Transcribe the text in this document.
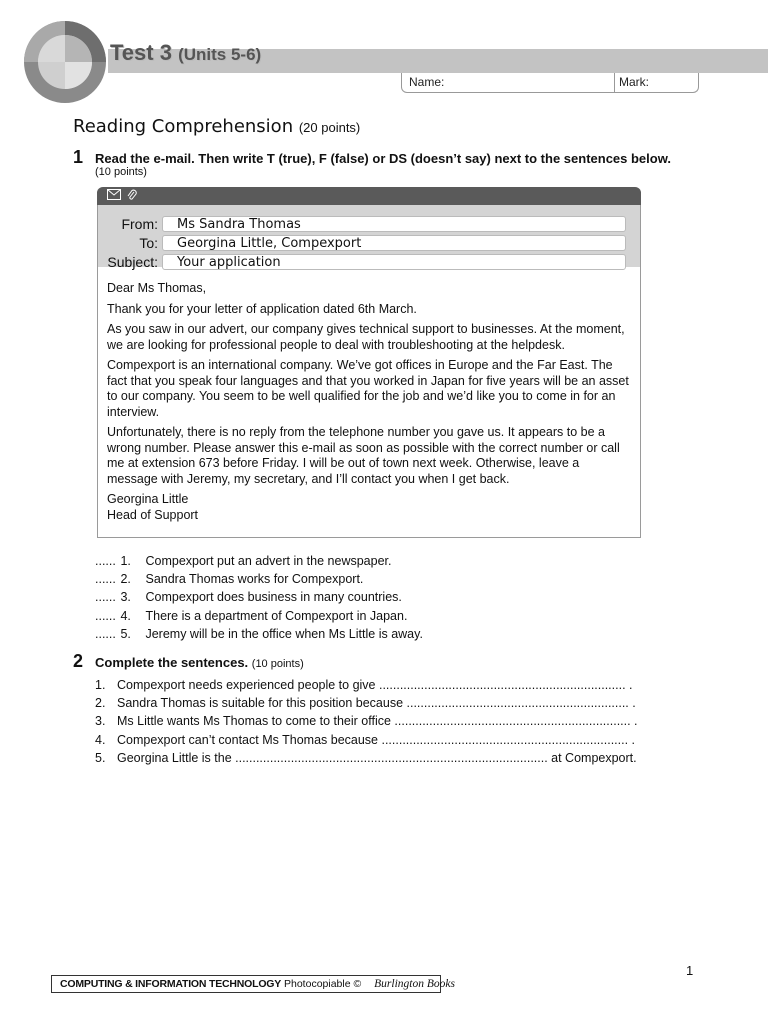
Test 3 (Units 5-6)
Name:	Mark:
Reading Comprehension (20 points)
1 Read the e-mail. Then write T (true), F (false) or DS (doesn’t say) next to the sentences below.
(10 points)
From:	Ms Sandra Thomas
To:	Georgina Little, Compexport
Subject:	Your application

Dear Ms Thomas,

Thank you for your letter of application dated 6th March.

As you saw in our advert, our company gives technical support to businesses. At the moment, we are looking for professional people to deal with troubleshooting at the helpdesk.

Compexport is an international company. We’ve got offices in Europe and the Far East. The fact that you speak four languages and that you worked in Japan for five years will be an asset to our company. You seem to be well qualified for the job and we’d like you to come in for an interview.

Unfortunately, there is no reply from the telephone number you gave us. It appears to be a wrong number. Please answer this e-mail as soon as possible with the correct number or call me at extension 673 before Friday. I will be out of town next week. Otherwise, leave a message with Jeremy, my secretary, and I’ll contact you when I get back.

Georgina Little

Head of Support

...... 1. Compexport put an advert in the newspaper.
...... 2. Sandra Thomas works for Compexport.
...... 3. Compexport does business in many countries.
...... 4. There is a department of Compexport in Japan.
...... 5. Jeremy will be in the office when Ms Little is away.
2 Complete the sentences. (10 points)
1. Compexport needs experienced people to give ....................................................................... .
2. Sandra Thomas is suitable for this position because ................................................................ .
3. Ms Little wants Ms Thomas to come to their office .................................................................... .
4. Compexport can’t contact Ms Thomas because ....................................................................... .
5. Georgina Little is the .......................................................................................... at Compexport.
1
COMPUTING & INFORMATION TECHNOLOGY Photocopiable © Burlington Books
